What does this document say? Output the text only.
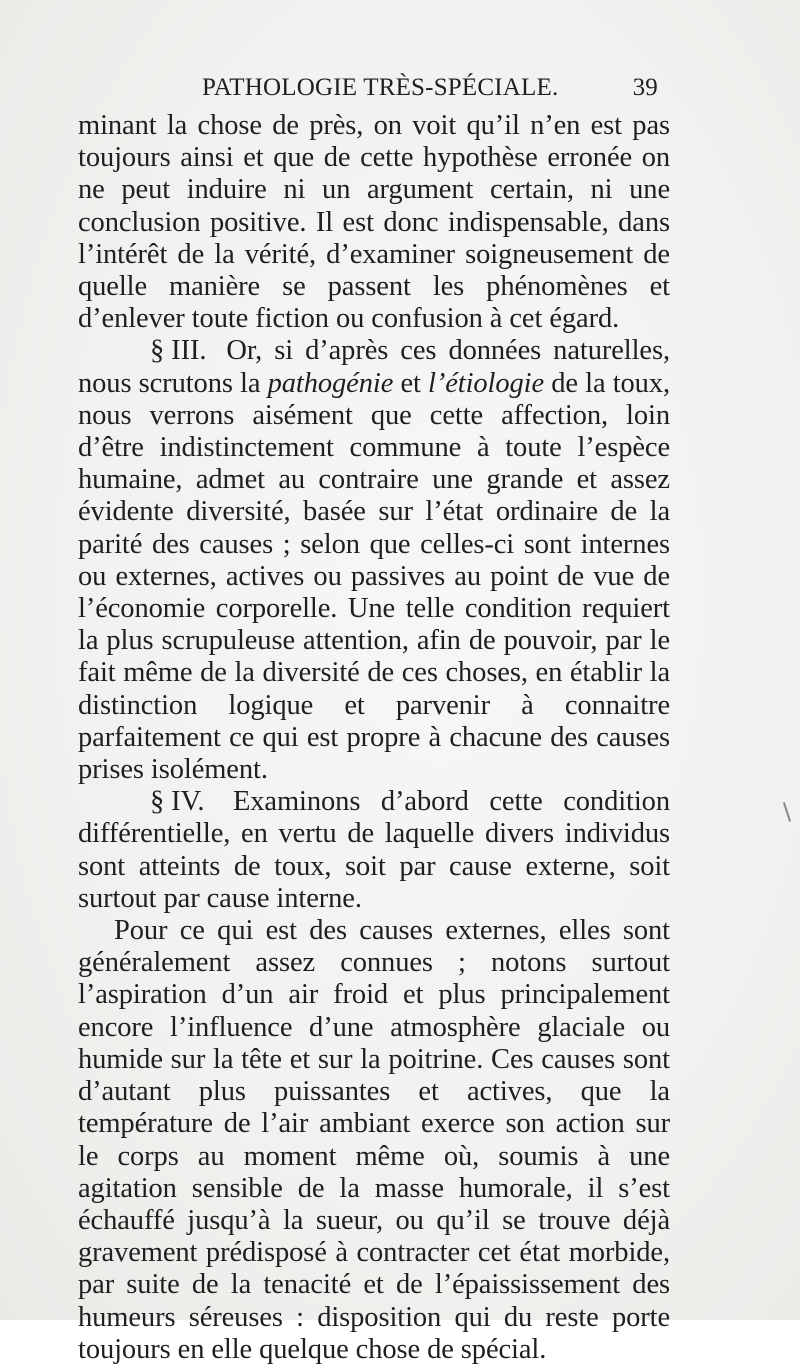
PATHOLOGIE TRÈS-SPÉCIALE.	39

minant la chose de près, on voit qu’il n’en est pas toujours ainsi et que de cette hypothèse erronée on ne peut induire ni un argument certain, ni une conclusion positive. Il est donc indispensable, dans l’intérêt de la vérité, d’examiner soigneusement de quelle manière se passent les phénomènes et d’enlever toute fiction ou confusion à cet égard.

§ III. Or, si d’après ces données naturelles, nous scrutons la pathogénie et l’étiologie de la toux, nous verrons aisément que cette affection, loin d’être indistinctement commune à toute l’espèce humaine, admet au contraire une grande et assez évidente diversité, basée sur l’état ordinaire de la parité des causes ; selon que celles-ci sont internes ou externes, actives ou passives au point de vue de l’économie corporelle. Une telle condition requiert la plus scrupuleuse attention, afin de pouvoir, par le fait même de la diversité de ces choses, en établir la distinction logique et parvenir à connaitre parfaitement ce qui est propre à chacune des causes prises isolément.

§ IV. Examinons d’abord cette condition différentielle, en vertu de laquelle divers individus sont atteints de toux, soit par cause externe, soit surtout par cause interne.

Pour ce qui est des causes externes, elles sont généralement assez connues ; notons surtout l’aspiration d’un air froid et plus principalement encore l’influence d’une atmosphère glaciale ou humide sur la tête et sur la poitrine. Ces causes sont d’autant plus puissantes et actives, que la température de l’air ambiant exerce son action sur le corps au moment même où, soumis à une agitation sensible de la masse humorale, il s’est échauffé jusqu’à la sueur, ou qu’il se trouve déjà gravement prédisposé à contracter cet état morbide, par suite de la tenacité et de l’épaississement des humeurs séreuses : disposition qui du reste porte toujours en elle quelque chose de spécial.
